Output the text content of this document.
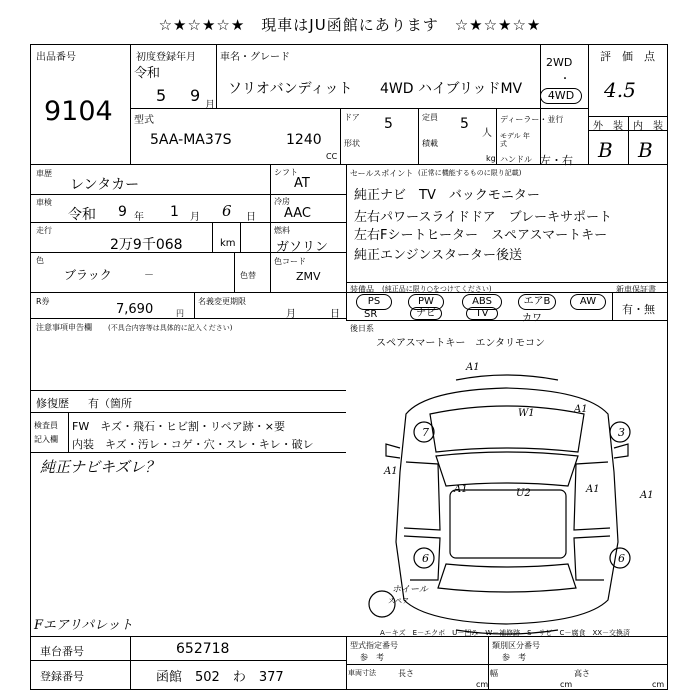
☆★☆★☆★　現車はJU函館にあります　☆★☆★☆★
出品番号
9104
初度登録年月
令和
5 9
月
車名・グレード
ソリオバンディット 4WD ハイブリッドMV
2WD
・
4WD
評　価　点
4.5
型式
5AA-MA37S	1240
CC
ドア 5
形状
定員 5
人
積載
kg
ディーラー・並行
モデル 年式
ハンドル 左・右
外　装 内　装
B B
車歴
レンタカー
車検
令和 9 年 1 月 6 日
走行
2万9千068	km
色
ブラック	－	色替
シフト
AT
冷房
AAC
燃料
ガソリン
色コード
ZMV
R券
7,690	円
名義変更期限
月	日
注意事項申告欄 (不具合内容等は具体的に記入ください)
修復歴 有（箇所
検査員
記入欄
FW　キズ・飛石・ヒビ割・リペア跡・×要
内装　キズ・汚レ・コゲ・穴・スレ・キレ・破レ
純正ナビキズレ？
Fエアリパレット
セールスポイント (正常に機能するものに限り記載)
純正ナビ　TV　バックモニター
左右パワースライドドア　ブレーキサポート
左右Fシートヒーター　スペアスマートキー
純正エンジンスターター後送
装備品 (純正品に限り○をつけてください)
PS	PW	ABS	エアB	AW
SR	ナビ	TV	カワ
新車保証書
有・無
後日系
スペアスマートキー　エンタリモコン
A1
7	3
6	6
W1
A1
A1	U2	A1
A1
A1
ホイール
スペア
A－キズ　E－エクボ　U－凹み　W－補修跡　S－サビ　C－腐食　XX－交換済
車台番号	652718
登録番号	函館　502　わ　377
型式指定番号
参　考
類別区分番号
参　考
車両寸法	長さ
cm
幅
cm
高さ
cm
